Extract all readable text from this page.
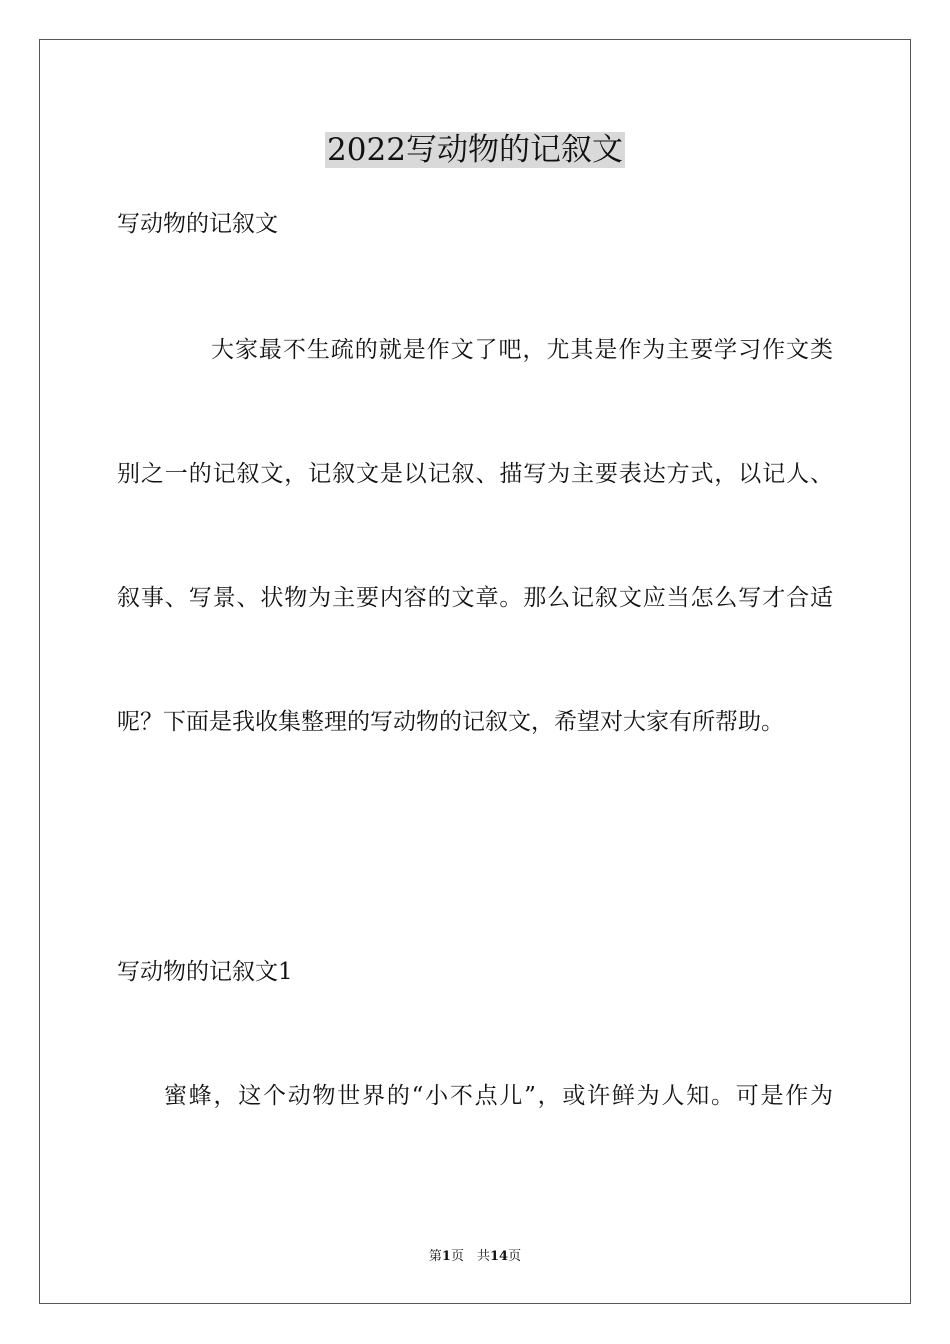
2022写动物的记叙文
写动物的记叙文
大家最不生疏的就是作文了吧，尤其是作为主要学习作文类
别之一的记叙文，记叙文是以记叙、描写为主要表达方式，以记人、
叙事、写景、状物为主要内容的文章。那么记叙文应当怎么写才合适
呢？下面是我收集整理的写动物的记叙文，希望对大家有所帮助。
写动物的记叙文1
蜜蜂，这个动物世界的“小不点儿”，或许鲜为人知。可是作为
第1页　共14页
